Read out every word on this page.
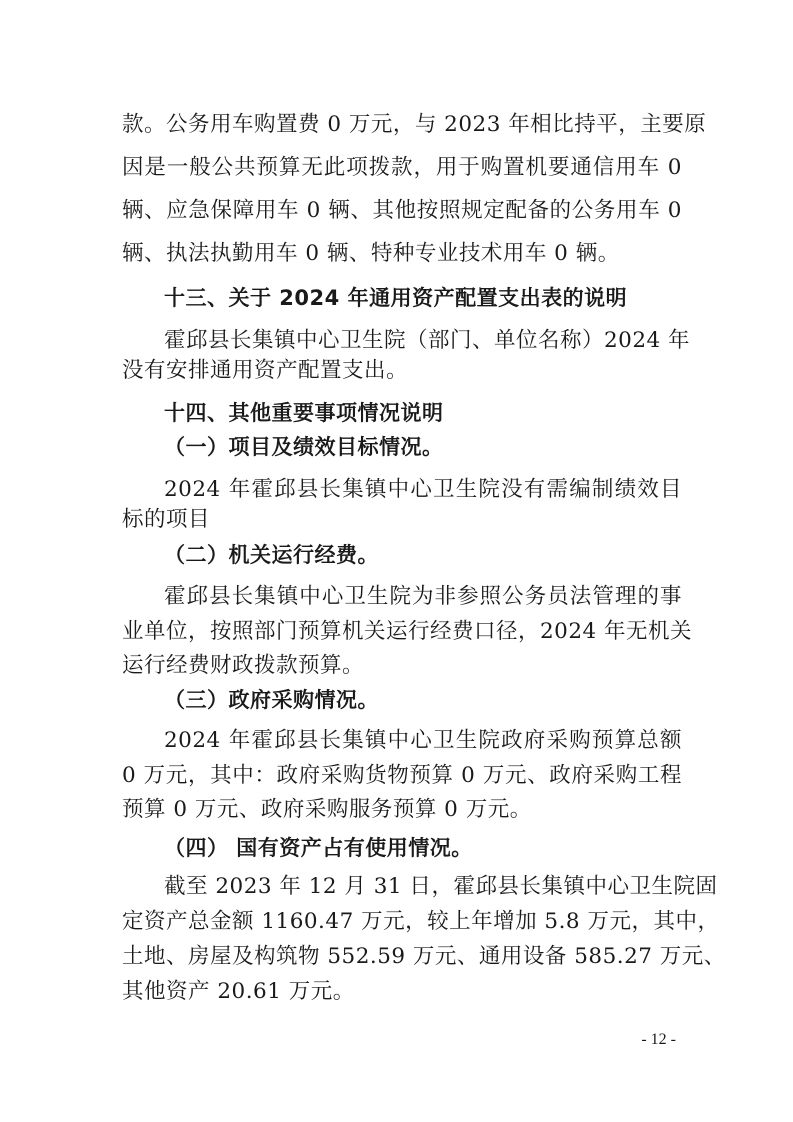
款。公务用车购置费 0 万元，与 2023 年相比持平，主要原

因是一般公共预算无此项拨款，用于购置机要通信用车 0

辆、应急保障用车 0 辆、其他按照规定配备的公务用车 0

辆、执法执勤用车 0 辆、特种专业技术用车 0 辆。

十三、关于 2024 年通用资产配置支出表的说明

霍邱县长集镇中心卫生院（部门、单位名称）2024 年

没有安排通用资产配置支出。

十四、其他重要事项情况说明

（一）项目及绩效目标情况。

2024 年霍邱县长集镇中心卫生院没有需编制绩效目

标的项目

（二）机关运行经费。

霍邱县长集镇中心卫生院为非参照公务员法管理的事

业单位，按照部门预算机关运行经费口径，2024 年无机关

运行经费财政拨款预算。

（三）政府采购情况。

2024 年霍邱县长集镇中心卫生院政府采购预算总额

0 万元，其中：政府采购货物预算 0 万元、政府采购工程

预算 0 万元、政府采购服务预算 0 万元。

（四） 国有资产占有使用情况。

截至 2023 年 12 月 31 日，霍邱县长集镇中心卫生院固

定资产总金额 1160.47 万元，较上年增加 5.8 万元，其中，

土地、房屋及构筑物 552.59 万元、通用设备 585.27 万元、

其他资产 20.61 万元。

- 12 -
